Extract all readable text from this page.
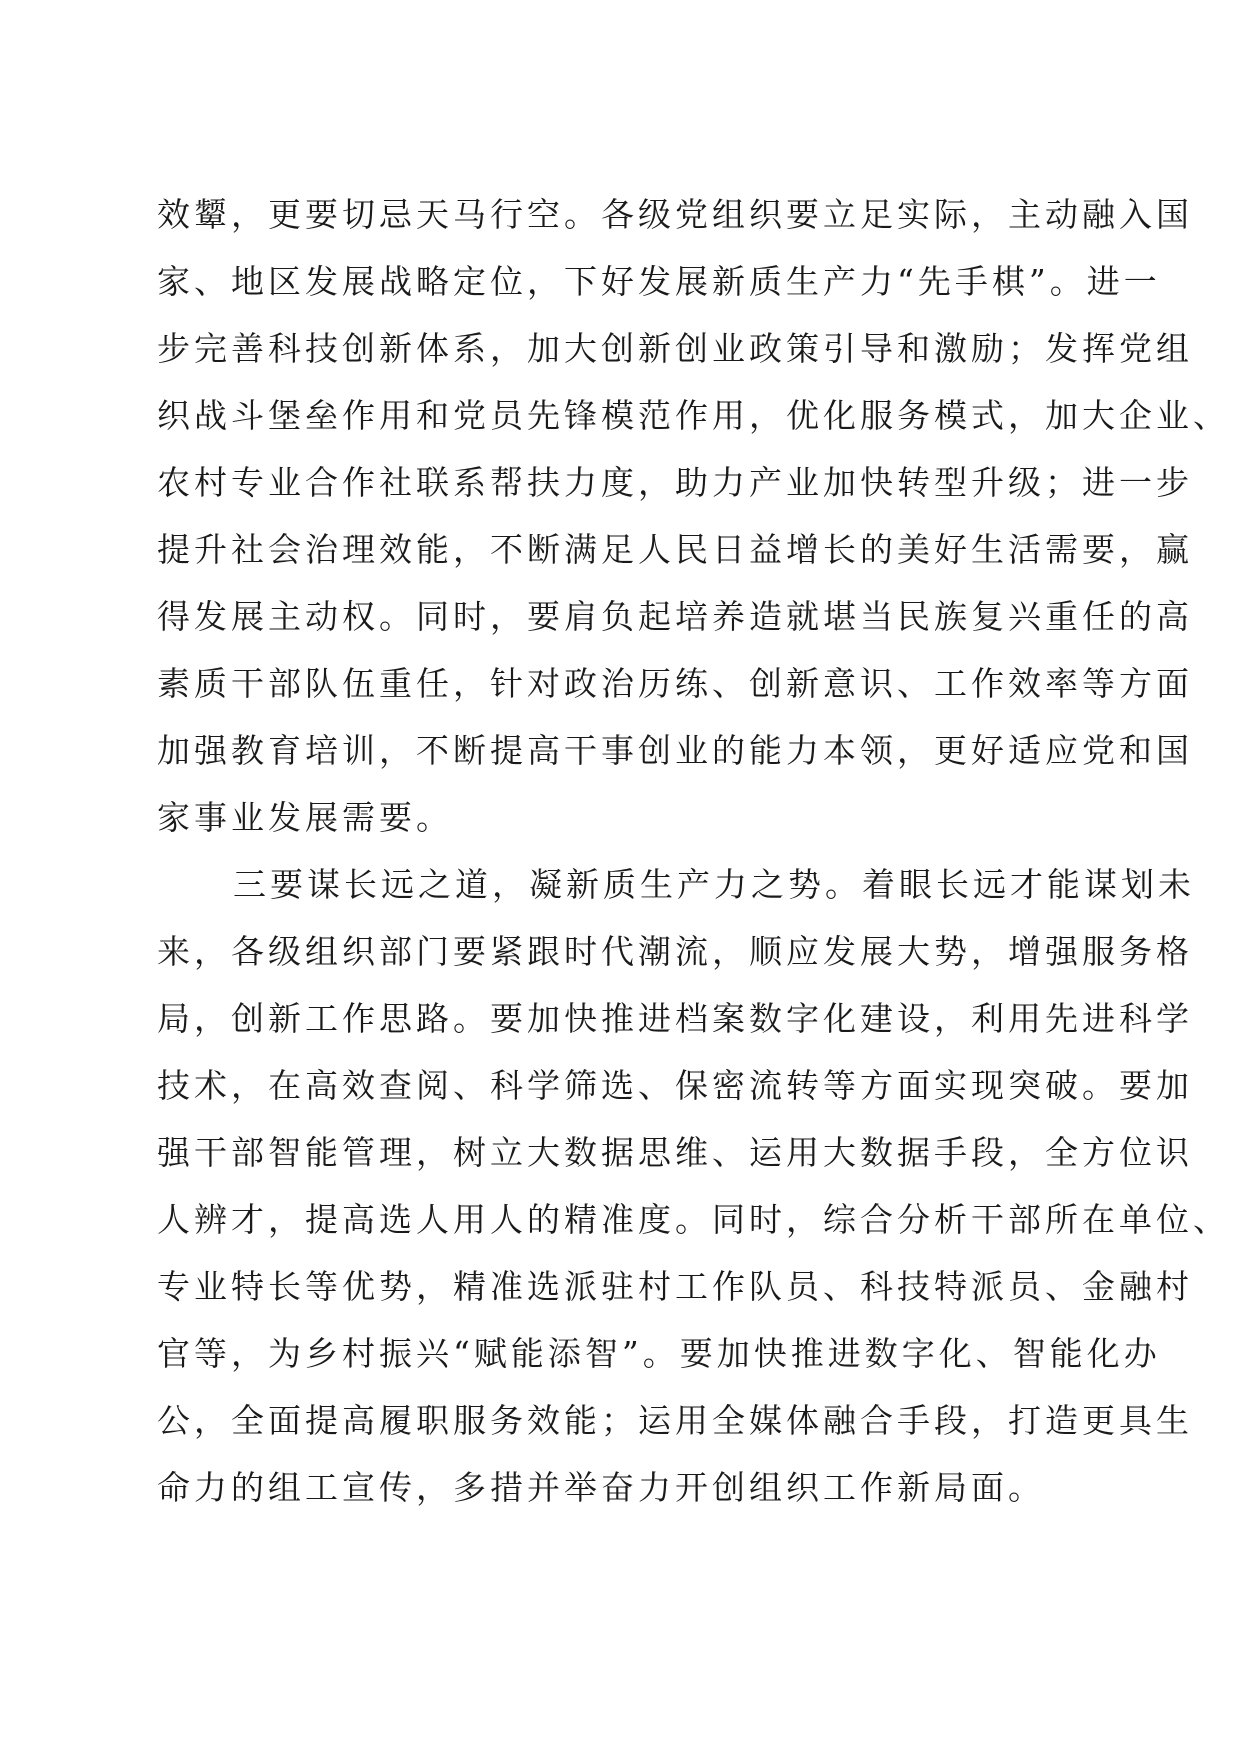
效颦，更要切忌天马行空。各级党组织要立足实际，主动融入国
家、地区发展战略定位，下好发展新质生产力“先手棋”。进一
步完善科技创新体系，加大创新创业政策引导和激励；发挥党组
织战斗堡垒作用和党员先锋模范作用，优化服务模式，加大企业、
农村专业合作社联系帮扶力度，助力产业加快转型升级；进一步
提升社会治理效能，不断满足人民日益增长的美好生活需要，赢
得发展主动权。同时，要肩负起培养造就堪当民族复兴重任的高
素质干部队伍重任，针对政治历练、创新意识、工作效率等方面
加强教育培训，不断提高干事创业的能力本领，更好适应党和国
家事业发展需要。
三要谋长远之道，凝新质生产力之势。着眼长远才能谋划未
来，各级组织部门要紧跟时代潮流，顺应发展大势，增强服务格
局，创新工作思路。要加快推进档案数字化建设，利用先进科学
技术，在高效查阅、科学筛选、保密流转等方面实现突破。要加
强干部智能管理，树立大数据思维、运用大数据手段，全方位识
人辨才，提高选人用人的精准度。同时，综合分析干部所在单位、
专业特长等优势，精准选派驻村工作队员、科技特派员、金融村
官等，为乡村振兴“赋能添智”。要加快推进数字化、智能化办
公，全面提高履职服务效能；运用全媒体融合手段，打造更具生
命力的组工宣传，多措并举奋力开创组织工作新局面。
